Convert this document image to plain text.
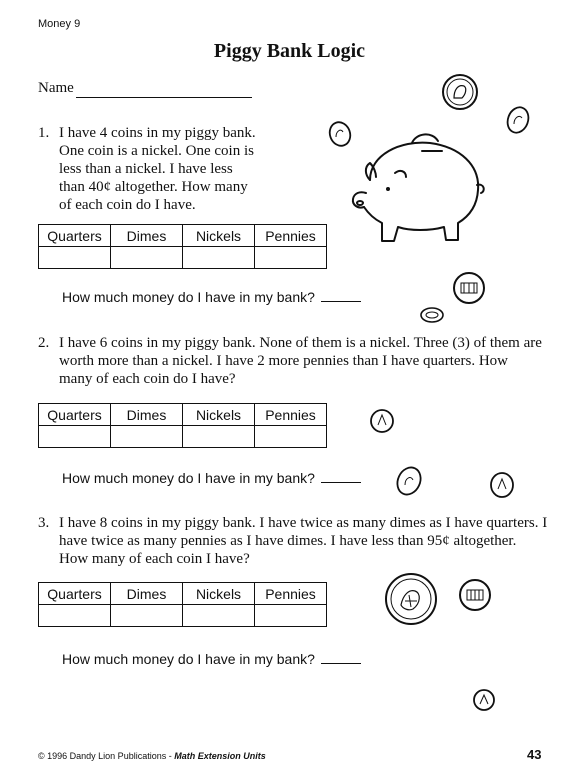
Money 9
Piggy Bank Logic
Name
1. I have 4 coins in my piggy bank.
One coin is a nickel. One coin is
less than a nickel. I have less
than 40¢ altogether. How many
of each coin do I have.
Quarters	Dimes	Nickels	Pennies

How much money do I have in my bank?
2. I have 6 coins in my piggy bank. None of them is a nickel. Three (3) of them are
worth more than a nickel. I have 2 more pennies than I have quarters. How
many of each coin do I have?
Quarters	Dimes	Nickels	Pennies

How much money do I have in my bank?
3. I have 8 coins in my piggy bank. I have twice as many dimes as I have quarters. I
have twice as many pennies as I have dimes. I have less than 95¢ altogether.
How many of each coin I have?
Quarters	Dimes	Nickels	Pennies

How much money do I have in my bank?
© 1996 Dandy Lion Publications - Math Extension Units	43
